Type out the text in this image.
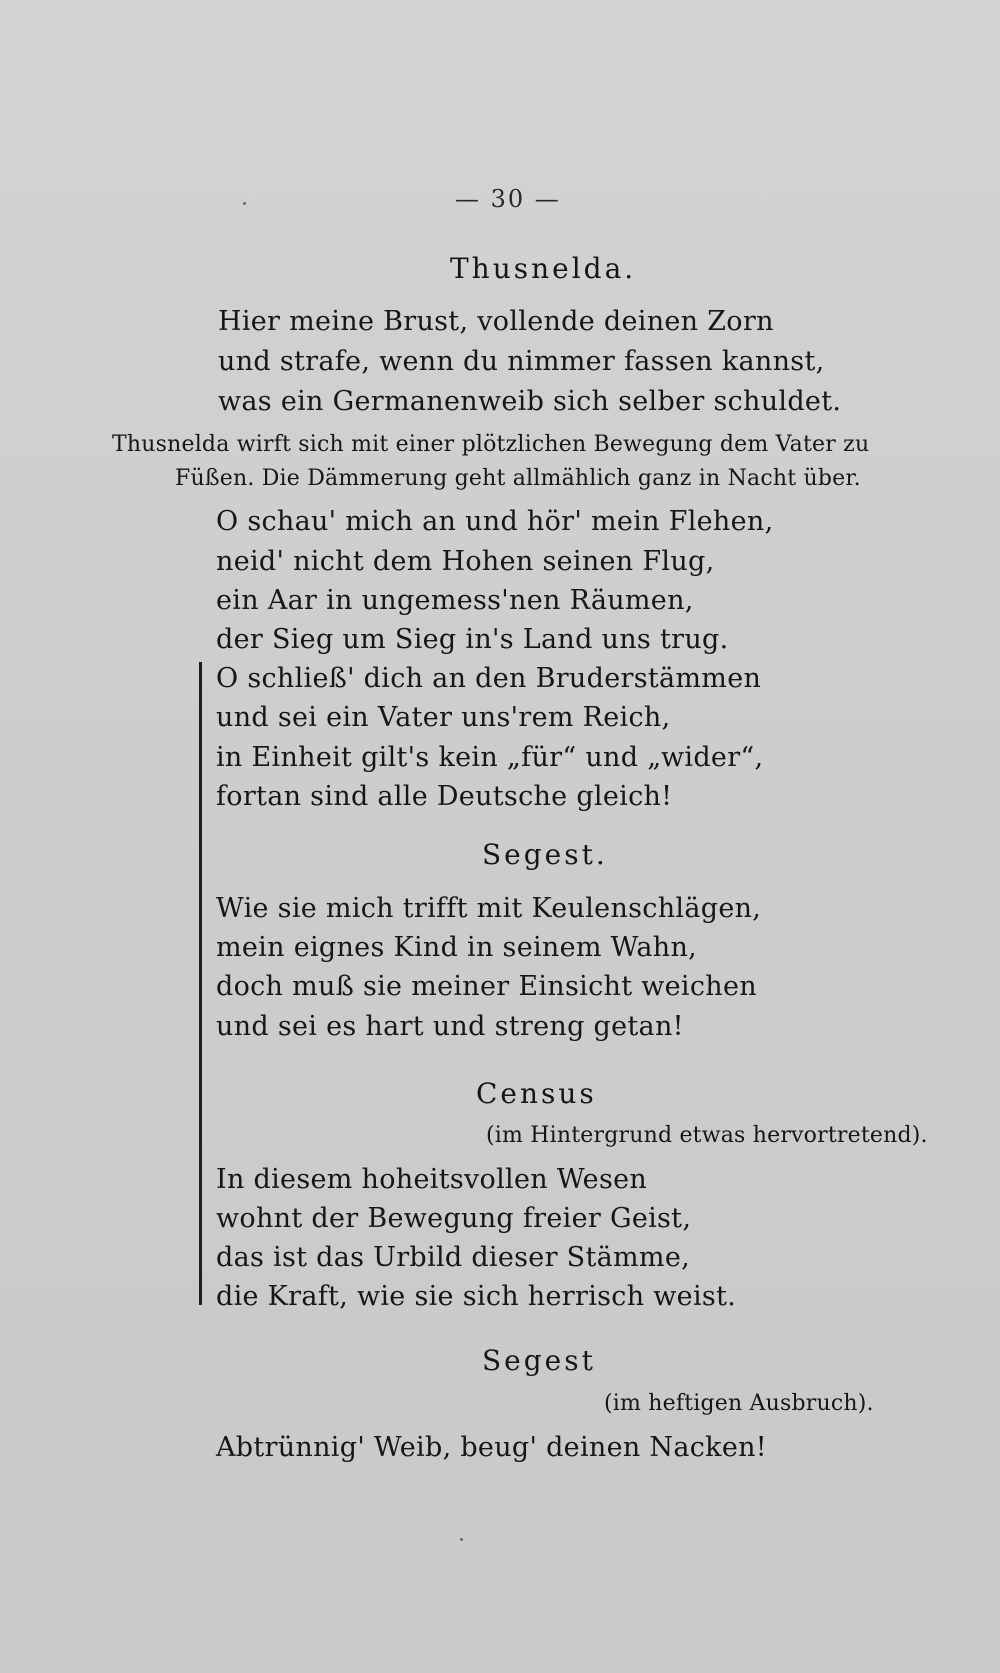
— 30 —
Thusnelda.
Hier meine Brust, vollende deinen Zorn
und strafe, wenn du nimmer fassen kannst,
was ein Germanenweib sich selber schuldet.
Thusnelda wirft sich mit einer plötzlichen Bewegung dem Vater zu
Füßen. Die Dämmerung geht allmählich ganz in Nacht über.
O schau' mich an und hör' mein Flehen,
neid' nicht dem Hohen seinen Flug,
ein Aar in ungemess'nen Räumen,
der Sieg um Sieg in's Land uns trug.
O schließ' dich an den Bruderstämmen
und sei ein Vater uns'rem Reich,
in Einheit gilt's kein „für“ und „wider“,
fortan sind alle Deutsche gleich!
Segest.
Wie sie mich trifft mit Keulenschlägen,
mein eignes Kind in seinem Wahn,
doch muß sie meiner Einsicht weichen
und sei es hart und streng getan!
Census
(im Hintergrund etwas hervortretend).
In diesem hoheitsvollen Wesen
wohnt der Bewegung freier Geist,
das ist das Urbild dieser Stämme,
die Kraft, wie sie sich herrisch weist.
Segest
(im heftigen Ausbruch).
Abtrünnig' Weib, beug' deinen Nacken!
